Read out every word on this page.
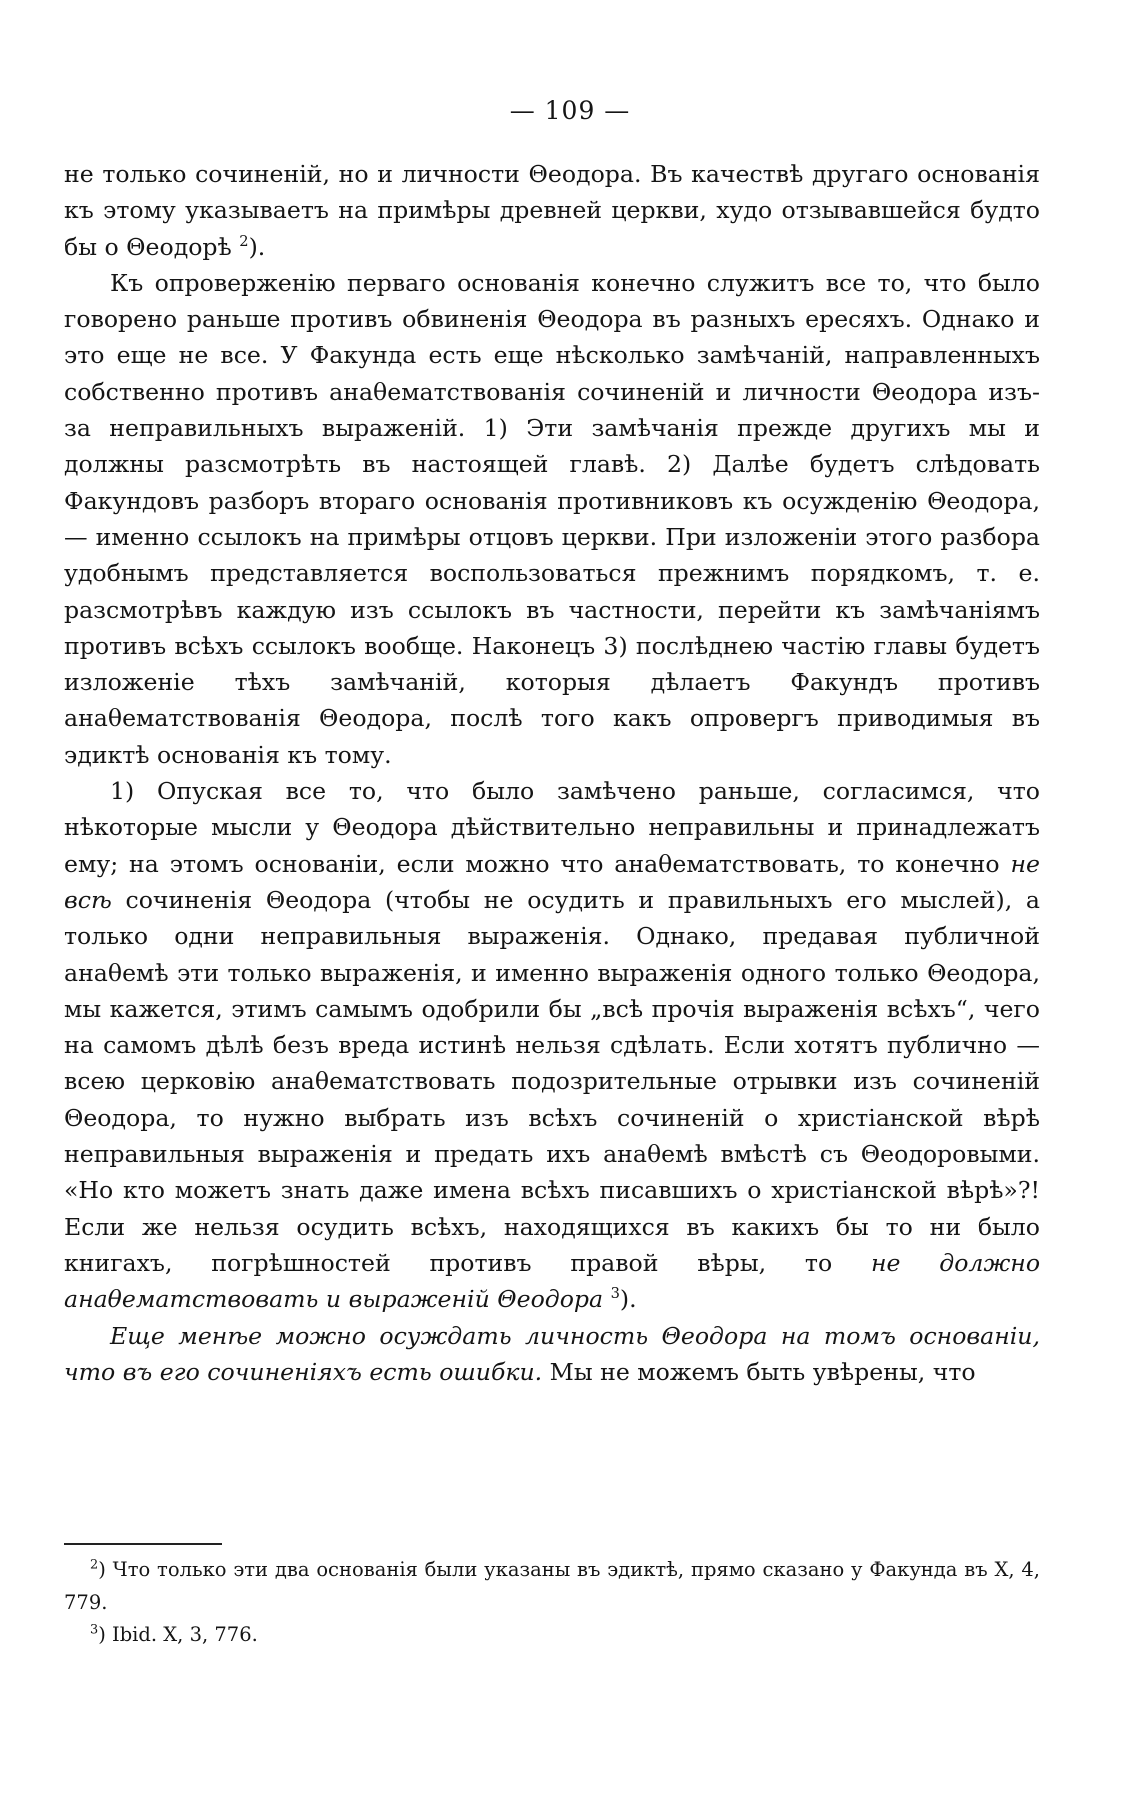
— 109 —

не только сочиненій, но и личности Θеодора. Въ качествѣ другаго основанія къ этому указываетъ на примѣры древней церкви, худо отзывавшейся будто бы о Θеодорѣ $^2$).

Къ опроверженію перваго основанія конечно служитъ все то, что было говорено раньше противъ обвиненія Θеодора въ разныхъ ересяхъ. Однако и это еще не все. У Факунда есть еще нѣсколько замѣчаній, направленныхъ собственно противъ анаθематствованія сочиненій и личности Θеодора изъ-за неправильныхъ выраженій. 1) Эти замѣчанія прежде другихъ мы и должны разсмотрѣть въ настоящей главѣ. 2) Далѣе будетъ слѣдовать Факундовъ разборъ втораго основанія противниковъ къ осужденію Θеодора, — именно ссылокъ на примѣры отцовъ церкви. При изложеніи этого разбора удобнымъ представляется воспользоваться прежнимъ порядкомъ, т. е. разсмотрѣвъ каждую изъ ссылокъ въ частности, перейти къ замѣчаніямъ противъ всѣхъ ссылокъ вообще. Наконецъ 3) послѣднею частію главы будетъ изложеніе тѣхъ замѣчаній, которыя дѣлаетъ Факундъ противъ анаθематствованія Θеодора, послѣ того какъ опровергъ приводимыя въ эдиктѣ основанія къ тому.

1) Опуская все то, что было замѣчено раньше, согласимся, что нѣкоторые мысли у Θеодора дѣйствительно неправильны и принадлежатъ ему; на этомъ основаніи, если можно что анаθематствовать, то конечно не всѣ сочиненія Θеодора (чтобы не осудить и правильныхъ его мыслей), а только одни неправильныя выраженія. Однако, предавая публичной анаθемѣ эти только выраженія, и именно выраженія одного только Θеодора, мы кажется, этимъ самымъ одобрили бы „всѣ прочія выраженія всѣхъ“, чего на самомъ дѣлѣ безъ вреда истинѣ нельзя сдѣлать. Если хотятъ публично — всею церковію анаθематствовать подозрительные отрывки изъ сочиненій Θеодора, то нужно выбрать изъ всѣхъ сочиненій о христіанской вѣрѣ неправильныя выраженія и предать ихъ анаθемѣ вмѣстѣ съ Θеодоровыми. «Но кто можетъ знать даже имена всѣхъ писавшихъ о христіанской вѣрѣ»?! Если же нельзя осудить всѣхъ, находящихся въ какихъ бы то ни было книгахъ, погрѣшностей противъ правой вѣры, то не должно анаθематствовать и выраженій Θеодора $^3$).

Еще менѣе можно осуждать личность Θеодора на томъ основаніи, что въ его сочиненіяхъ есть ошибки. Мы не можемъ быть увѣрены, что

$^2$) Что только эти два основанія были указаны въ эдиктѣ, прямо сказано у Факунда въ X, 4, 779.
$^3$) Ibid. X, 3, 776.
